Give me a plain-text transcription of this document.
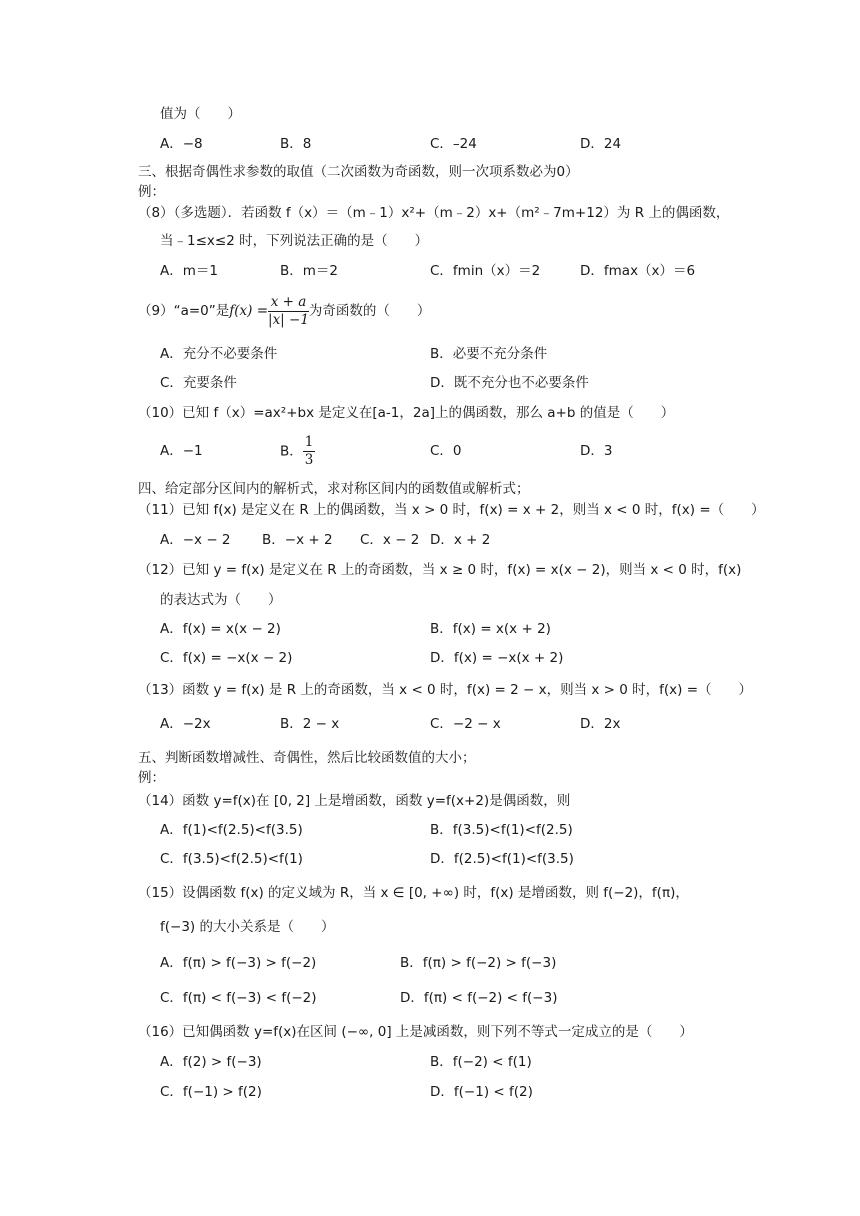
值为（　　）
A．−8	B．8	C．–24	D．24
三、根据奇偶性求参数的取值（二次函数为奇函数，则一次项系数必为0）
例：
（8）（多选题）．若函数 f（x）＝（m﹣1）x²+（m﹣2）x+（m²﹣7m+12）为 R 上的偶函数，
当﹣1≤x≤2 时，下列说法正确的是（　　）
A．m＝1	B．m＝2	C．fmin（x）＝2	D．fmax（x）＝6
（9）“a=0”是$f(x) = \frac{x + a}{|x| -1}$ 为奇函数的（　　）
A．充分不必要条件	B．必要不充分条件
C．充要条件	D．既不充分也不必要条件
（10）已知 f（x）=ax²+bx 是定义在[a-1，2a]上的偶函数，那么 a+b 的值是（　　）
A．−1	B． $\frac{1}{3}$	C．0	D．3
四、给定部分区间内的解析式，求对称区间内的函数值或解析式；
（11）已知 f(x) 是定义在 R 上的偶函数，当 x > 0 时，f(x) = x + 2，则当 x < 0 时，f(x) =（　　）
A．−x − 2 B．−x + 2 C．x − 2 D．x + 2
（12）已知 y = f(x) 是定义在 R 上的奇函数，当 x ≥ 0 时，f(x) = x(x − 2)，则当 x < 0 时，f(x)
的表达式为（　　）
A．f(x) = x(x − 2)	B．f(x) = x(x + 2)
C．f(x) = −x(x − 2)	D．f(x) = −x(x + 2)
（13）函数 y = f(x) 是 R 上的奇函数，当 x < 0 时，f(x) = 2 − x，则当 x > 0 时，f(x) =（　　）
A．−2x	B．2 − x	C．−2 − x	D．2x
五、判断函数增减性、奇偶性，然后比较函数值的大小；
例：
（14）函数 y=f(x)在 [0, 2] 上是增函数，函数 y=f(x+2)是偶函数，则
A．f(1)<f(2.5)<f(3.5)	B．f(3.5)<f(1)<f(2.5)
C．f(3.5)<f(2.5)<f(1)	D．f(2.5)<f(1)<f(3.5)
（15）设偶函数 f(x) 的定义域为 R，当 x ∈ [0, +∞) 时，f(x) 是增函数，则 f(−2)，f(π)，
f(−3) 的大小关系是（　　）
A．f(π) > f(−3) > f(−2)	B．f(π) > f(−2) > f(−3)
C．f(π) < f(−3) < f(−2)	D．f(π) < f(−2) < f(−3)
（16）已知偶函数 y=f(x)在区间 (−∞, 0] 上是减函数，则下列不等式一定成立的是（　　）
A．f(2) > f(−3)	B．f(−2) < f(1)
C．f(−1) > f(2)	D．f(−1) < f(2)
